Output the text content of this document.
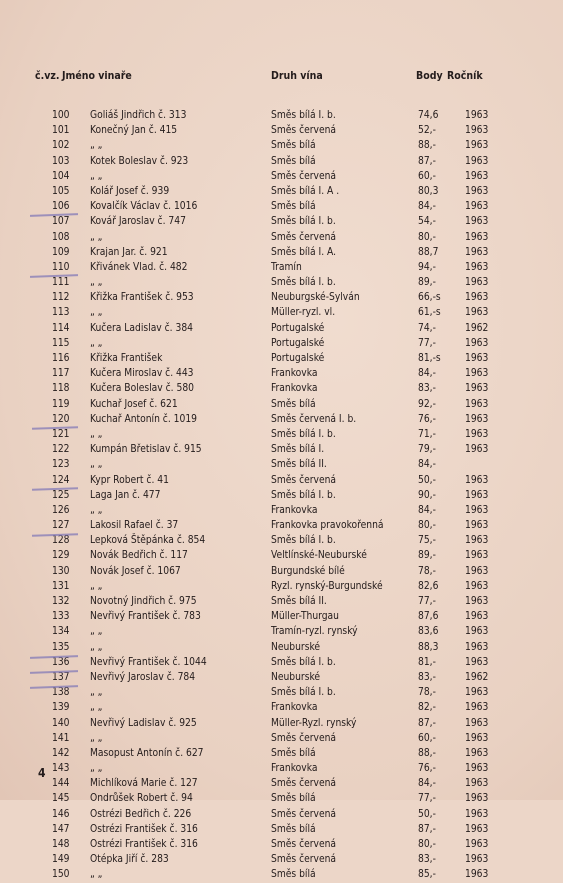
č.vz. Jméno vinaře	Druh vína	Body Ročník
100 Goliáš Jindřich č. 313	Směs bílá I. b.	74,6	1963
101 Konečný Jan č. 415	Směs červená	52,-	1963
102 „ „	Směs bílá	88,-	1963
103 Kotek Boleslav č. 923	Směs bílá	87,-	1963
104 „ „	Směs červená	60,-	1963
105 Kolář Josef č. 939	Směs bílá I. A .	80,3	1963
106 Kovalčík Václav č. 1016	Směs bílá	84,-	1963
107 Kovář Jaroslav č. 747	Směs bílá I. b.	54,-	1963
108 „ „	Směs červená	80,-	1963
109 Krajan Jar. č. 921	Směs bílá I. A.	88,7	1963
110 Křivánek Vlad. č. 482	Tramín	94,-	1963
111 „ „	Směs bílá I. b.	89,-	1963
112 Křižka František č. 953	Neuburgské-Sylván	66,-s 1963
113 „ „	Müller-ryzl. vl.	61,-s 1963
114 Kučera Ladislav č. 384	Portugalské	74,-	1962
115 „ „	Portugalské	77,-	1963
116 Křižka František	Portugalské	81,-s 1963
117 Kučera Miroslav č. 443	Frankovka	84,-	1963
118 Kučera Boleslav č. 580	Frankovka	83,-	1963
119 Kuchař Josef č. 621	Směs bílá	92,-	1963
120 Kuchař Antonín č. 1019	Směs červená I. b.	76,-	1963
121 „ „	Směs bílá I. b.	71,-	1963
122 Kumpán Břetislav č. 915	Směs bílá I.	79,-	1963
123 „ „	Směs bílá II.	84,-
124 Kypr Robert č. 41	Směs červená	50,-	1963
125 Laga Jan č. 477	Směs bílá I. b.	90,-	1963
126 „ „	Frankovka	84,-	1963
127 Lakosil Rafael č. 37	Frankovka pravokořenná	80,-	1963
128 Lepková Štěpánka č. 854	Směs bílá I. b.	75,-	1963
129 Novák Bedřich č. 117	Veltlínské-Neuburské	89,-	1963
130 Novák Josef č. 1067	Burgundské bílé	78,-	1963
131 „ „	Ryzl. rynský-Burgundské	82,6	1963
132 Novotný Jindřich č. 975	Směs bílá II.	77,-	1963
133 Nevřivý František č. 783	Müller-Thurgau	87,6	1963
134 „ „	Tramín-ryzl. rynský	83,6	1963
135 „ „	Neuburské	88,3	1963
136 Nevřivý František č. 1044	Směs bílá I. b.	81,-	1963
137 Nevřivý Jaroslav č. 784	Neuburské	83,-	1962
138 „ „	Směs bílá I. b.	78,-	1963
139 „ „	Frankovka	82,-	1963
140 Nevřivý Ladislav č. 925	Müller-Ryzl. rynský	87,-	1963
141 „ „	Směs červená	60,-	1963
142 Masopust Antonín č. 627	Směs bílá	88,-	1963
143 „ „	Frankovka	76,-	1963
144 Michlíková Marie č. 127	Směs červená	84,-	1963
145 Ondrůšek Robert č. 94	Směs bílá	77,-	1963
146 Ostrézi Bedřich č. 226	Směs červená	50,-	1963
147 Ostrézi František č. 316	Směs bílá	87,-	1963
148 Ostrézi František č. 316	Směs červená	80,-	1963
149 Otépka Jiří č. 283	Směs červená	83,-	1963
150 „ „	Směs bílá	85,-	1963
4
